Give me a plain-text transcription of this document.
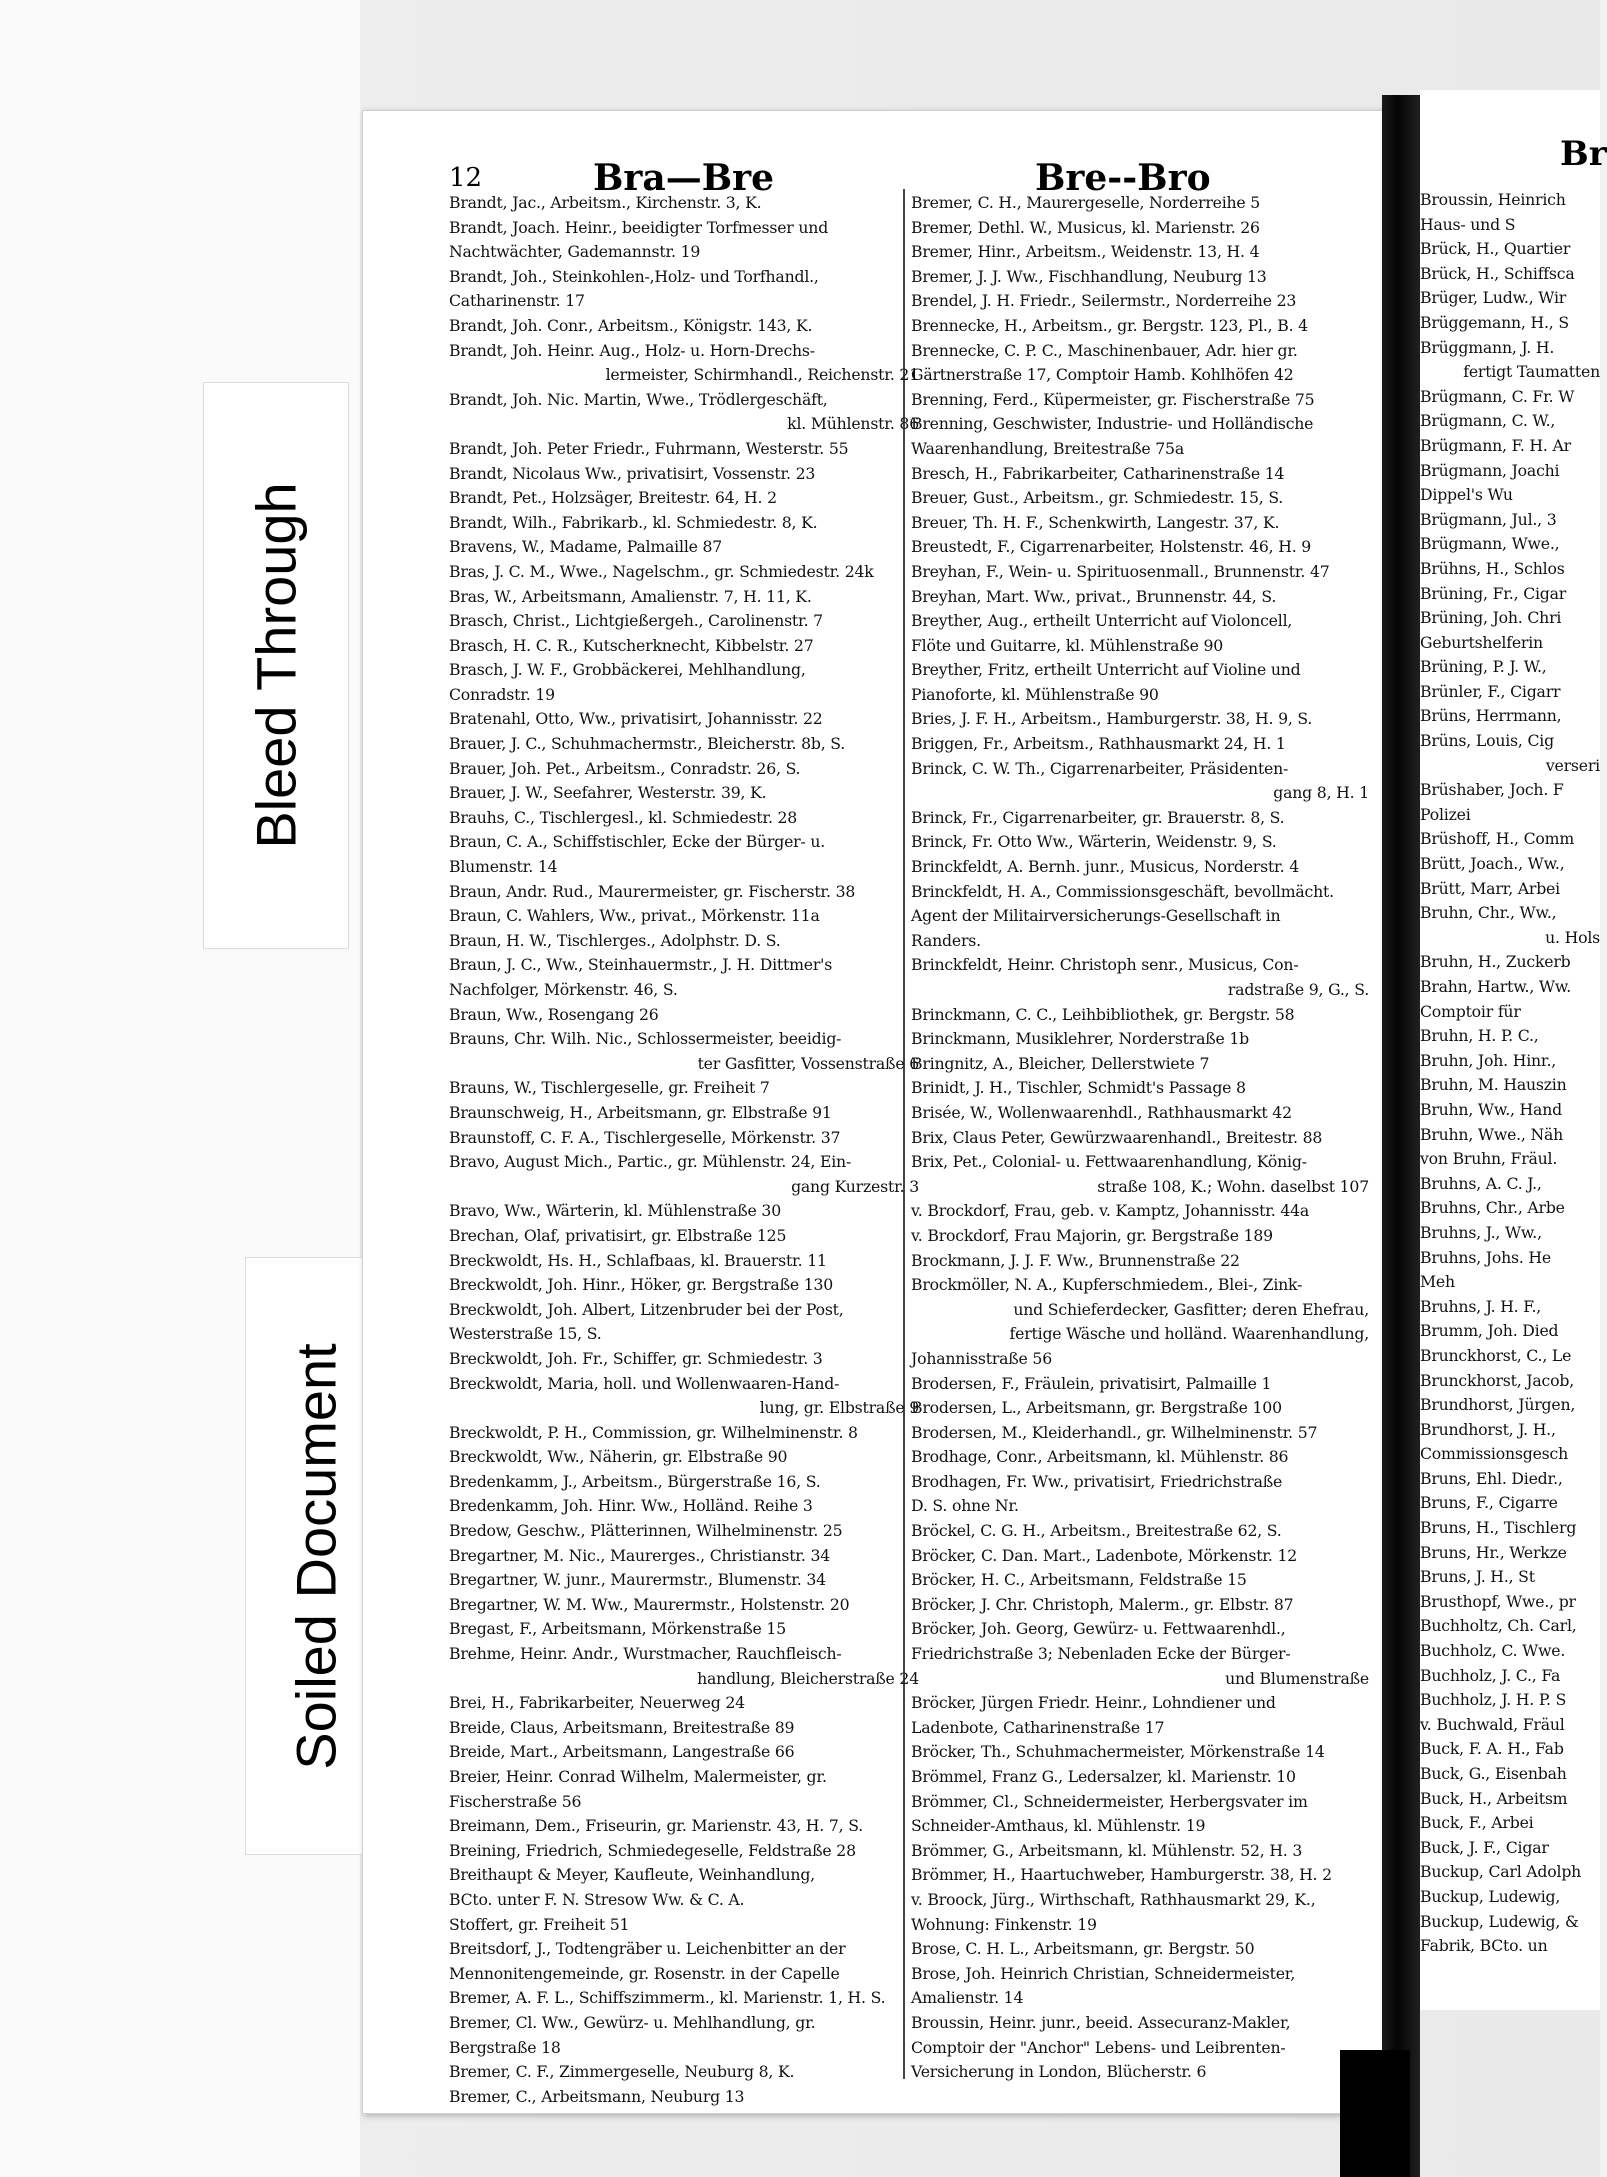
Bleed Through
Soiled Document
12	Bra—Bre	Bre--Bro
Brandt, Jac., Arbeitsm., Kirchenstr. 3, K.
Brandt, Joach. Heinr., beeidigter Torfmesser und
Nachtwächter, Gademannstr. 19
Brandt, Joh., Steinkohlen-,Holz- und Torfhandl.,
Catharinenstr. 17
Brandt, Joh. Conr., Arbeitsm., Königstr. 143, K.
Brandt, Joh. Heinr. Aug., Holz- u. Horn-Drechs-
lermeister, Schirmhandl., Reichenstr. 21
Brandt, Joh. Nic. Martin, Wwe., Trödlergeschäft,
kl. Mühlenstr. 86
Brandt, Joh. Peter Friedr., Fuhrmann, Westerstr. 55
Brandt, Nicolaus Ww., privatisirt, Vossenstr. 23
Brandt, Pet., Holzsäger, Breitestr. 64, H. 2
Brandt, Wilh., Fabrikarb., kl. Schmiedestr. 8, K.
Bravens, W., Madame, Palmaille 87
Bras, J. C. M., Wwe., Nagelschm., gr. Schmiedestr. 24k
Bras, W., Arbeitsmann, Amalienstr. 7, H. 11, K.
Brasch, Christ., Lichtgießergeh., Carolinenstr. 7
Brasch, H. C. R., Kutscherknecht, Kibbelstr. 27
Brasch, J. W. F., Grobbäckerei, Mehlhandlung,
Conradstr. 19
Bratenahl, Otto, Ww., privatisirt, Johannisstr. 22
Brauer, J. C., Schuhmachermstr., Bleicherstr. 8b, S.
Brauer, Joh. Pet., Arbeitsm., Conradstr. 26, S.
Brauer, J. W., Seefahrer, Westerstr. 39, K.
Brauhs, C., Tischlergesl., kl. Schmiedestr. 28
Braun, C. A., Schiffstischler, Ecke der Bürger- u.
Blumenstr. 14
Braun, Andr. Rud., Maurermeister, gr. Fischerstr. 38
Braun, C. Wahlers, Ww., privat., Mörkenstr. 11a
Braun, H. W., Tischlerges., Adolphstr. D. S.
Braun, J. C., Ww., Steinhauermstr., J. H. Dittmer's
Nachfolger, Mörkenstr. 46, S.
Braun, Ww., Rosengang 26
Brauns, Chr. Wilh. Nic., Schlossermeister, beeidig-
ter Gasfitter, Vossenstraße 6
Brauns, W., Tischlergeselle, gr. Freiheit 7
Braunschweig, H., Arbeitsmann, gr. Elbstraße 91
Braunstoff, C. F. A., Tischlergeselle, Mörkenstr. 37
Bravo, August Mich., Partic., gr. Mühlenstr. 24, Ein-
gang Kurzestr. 3
Bravo, Ww., Wärterin, kl. Mühlenstraße 30
Brechan, Olaf, privatisirt, gr. Elbstraße 125
Breckwoldt, Hs. H., Schlafbaas, kl. Brauerstr. 11
Breckwoldt, Joh. Hinr., Höker, gr. Bergstraße 130
Breckwoldt, Joh. Albert, Litzenbruder bei der Post,
Westerstraße 15, S.
Breckwoldt, Joh. Fr., Schiffer, gr. Schmiedestr. 3
Breckwoldt, Maria, holl. und Wollenwaaren-Hand-
lung, gr. Elbstraße 9
Breckwoldt, P. H., Commission, gr. Wilhelminenstr. 8
Breckwoldt, Ww., Näherin, gr. Elbstraße 90
Bredenkamm, J., Arbeitsm., Bürgerstraße 16, S.
Bredenkamm, Joh. Hinr. Ww., Holländ. Reihe 3
Bredow, Geschw., Plätterinnen, Wilhelminenstr. 25
Bregartner, M. Nic., Maurerges., Christianstr. 34
Bregartner, W. junr., Maurermstr., Blumenstr. 34
Bregartner, W. M. Ww., Maurermstr., Holstenstr. 20
Bregast, F., Arbeitsmann, Mörkenstraße 15
Brehme, Heinr. Andr., Wurstmacher, Rauchfleisch-
handlung, Bleicherstraße 24
Brei, H., Fabrikarbeiter, Neuerweg 24
Breide, Claus, Arbeitsmann, Breitestraße 89
Breide, Mart., Arbeitsmann, Langestraße 66
Breier, Heinr. Conrad Wilhelm, Malermeister, gr.
Fischerstraße 56
Breimann, Dem., Friseurin, gr. Marienstr. 43, H. 7, S.
Breining, Friedrich, Schmiedegeselle, Feldstraße 28
Breithaupt & Meyer, Kaufleute, Weinhandlung,
BCto. unter F. N. Stresow Ww. & C. A.
Stoffert, gr. Freiheit 51
Breitsdorf, J., Todtengräber u. Leichenbitter an der
Mennonitengemeinde, gr. Rosenstr. in der Capelle
Bremer, A. F. L., Schiffszimmerm., kl. Marienstr. 1, H. S.
Bremer, Cl. Ww., Gewürz- u. Mehlhandlung, gr.
Bergstraße 18
Bremer, C. F., Zimmergeselle, Neuburg 8, K.
Bremer, C., Arbeitsmann, Neuburg 13
Bremer, C. H., Maurergeselle, Norderreihe 5
Bremer, Dethl. W., Musicus, kl. Marienstr. 26
Bremer, Hinr., Arbeitsm., Weidenstr. 13, H. 4
Bremer, J. J. Ww., Fischhandlung, Neuburg 13
Brendel, J. H. Friedr., Seilermstr., Norderreihe 23
Brennecke, H., Arbeitsm., gr. Bergstr. 123, Pl., B. 4
Brennecke, C. P. C., Maschinenbauer, Adr. hier gr.
Gärtnerstraße 17, Comptoir Hamb. Kohlhöfen 42
Brenning, Ferd., Küpermeister, gr. Fischerstraße 75
Brenning, Geschwister, Industrie- und Holländische
Waarenhandlung, Breitestraße 75a
Bresch, H., Fabrikarbeiter, Catharinenstraße 14
Breuer, Gust., Arbeitsm., gr. Schmiedestr. 15, S.
Breuer, Th. H. F., Schenkwirth, Langestr. 37, K.
Breustedt, F., Cigarrenarbeiter, Holstenstr. 46, H. 9
Breyhan, F., Wein- u. Spirituosenmall., Brunnenstr. 47
Breyhan, Mart. Ww., privat., Brunnenstr. 44, S.
Breyther, Aug., ertheilt Unterricht auf Violoncell,
Flöte und Guitarre, kl. Mühlenstraße 90
Breyther, Fritz, ertheilt Unterricht auf Violine und
Pianoforte, kl. Mühlenstraße 90
Bries, J. F. H., Arbeitsm., Hamburgerstr. 38, H. 9, S.
Briggen, Fr., Arbeitsm., Rathhausmarkt 24, H. 1
Brinck, C. W. Th., Cigarrenarbeiter, Präsidenten-
gang 8, H. 1
Brinck, Fr., Cigarrenarbeiter, gr. Brauerstr. 8, S.
Brinck, Fr. Otto Ww., Wärterin, Weidenstr. 9, S.
Brinckfeldt, A. Bernh. junr., Musicus, Norderstr. 4
Brinckfeldt, H. A., Commissionsgeschäft, bevollmächt.
Agent der Militairversicherungs-Gesellschaft in
Randers.
Brinckfeldt, Heinr. Christoph senr., Musicus, Con-
radstraße 9, G., S.
Brinckmann, C. C., Leihbibliothek, gr. Bergstr. 58
Brinckmann, Musiklehrer, Norderstraße 1b
Bringnitz, A., Bleicher, Dellerstwiete 7
Brinidt, J. H., Tischler, Schmidt's Passage 8
Brisée, W., Wollenwaarenhdl., Rathhausmarkt 42
Brix, Claus Peter, Gewürzwaarenhandl., Breitestr. 88
Brix, Pet., Colonial- u. Fettwaarenhandlung, König-
straße 108, K.; Wohn. daselbst 107
v. Brockdorf, Frau, geb. v. Kamptz, Johannisstr. 44a
v. Brockdorf, Frau Majorin, gr. Bergstraße 189
Brockmann, J. J. F. Ww., Brunnenstraße 22
Brockmöller, N. A., Kupferschmiedem., Blei-, Zink-
und Schieferdecker, Gasfitter; deren Ehefrau,
fertige Wäsche und holländ. Waarenhandlung,
Johannisstraße 56
Brodersen, F., Fräulein, privatisirt, Palmaille 1
Brodersen, L., Arbeitsmann, gr. Bergstraße 100
Brodersen, M., Kleiderhandl., gr. Wilhelminenstr. 57
Brodhage, Conr., Arbeitsmann, kl. Mühlenstr. 86
Brodhagen, Fr. Ww., privatisirt, Friedrichstraße
D. S. ohne Nr.
Bröckel, C. G. H., Arbeitsm., Breitestraße 62, S.
Bröcker, C. Dan. Mart., Ladenbote, Mörkenstr. 12
Bröcker, H. C., Arbeitsmann, Feldstraße 15
Bröcker, J. Chr. Christoph, Malerm., gr. Elbstr. 87
Bröcker, Joh. Georg, Gewürz- u. Fettwaarenhdl.,
Friedrichstraße 3; Nebenladen Ecke der Bürger-
und Blumenstraße
Bröcker, Jürgen Friedr. Heinr., Lohndiener und
Ladenbote, Catharinenstraße 17
Bröcker, Th., Schuhmachermeister, Mörkenstraße 14
Brömmel, Franz G., Ledersalzer, kl. Marienstr. 10
Brömmer, Cl., Schneidermeister, Herbergsvater im
Schneider-Amthaus, kl. Mühlenstr. 19
Brömmer, G., Arbeitsmann, kl. Mühlenstr. 52, H. 3
Brömmer, H., Haartuchweber, Hamburgerstr. 38, H. 2
v. Broock, Jürg., Wirthschaft, Rathhausmarkt 29, K.,
Wohnung: Finkenstr. 19
Brose, C. H. L., Arbeitsmann, gr. Bergstr. 50
Brose, Joh. Heinrich Christian, Schneidermeister,
Amalienstr. 14
Broussin, Heinr. junr., beeid. Assecuranz-Makler,
Comptoir der "Anchor" Lebens- und Leibrenten-
Versicherung in London, Blücherstr. 6
Br
Broussin, Heinrich
Haus- und S
Brück, H., Quartier
Brück, H., Schiffsca
Brüger, Ludw., Wir
Brüggemann, H., S
Brüggmann, J. H.
fertigt Taumatten
Brügmann, C. Fr. W
Brügmann, C. W.,
Brügmann, F. H. Ar
Brügmann, Joachi
Dippel's Wu
Brügmann, Jul., 3
Brügmann, Wwe.,
Brühns, H., Schlos
Brüning, Fr., Cigar
Brüning, Joh. Chri
Geburtshelferin
Brüning, P. J. W.,
Brünler, F., Cigarr
Brüns, Herrmann,
Brüns, Louis, Cig
verseri
Brüshaber, Joch. F
Polizei
Brüshoff, H., Comm
Brütt, Joach., Ww.,
Brütt, Marr, Arbei
Bruhn, Chr., Ww.,
u. Hols
Bruhn, H., Zuckerb
Brahn, Hartw., Ww.
Comptoir für
Bruhn, H. P. C.,
Bruhn, Joh. Hinr.,
Bruhn, M. Hauszin
Bruhn, Ww., Hand
Bruhn, Wwe., Näh
von Bruhn, Fräul.
Bruhns, A. C. J.,
Bruhns, Chr., Arbe
Bruhns, J., Ww.,
Bruhns, Johs. He
Meh
Bruhns, J. H. F.,
Brumm, Joh. Died
Brunckhorst, C., Le
Brunckhorst, Jacob,
Brundhorst, Jürgen,
Brundhorst, J. H.,
Commissionsgesch
Bruns, Ehl. Diedr.,
Bruns, F., Cigarre
Bruns, H., Tischlerg
Bruns, Hr., Werkze
Bruns, J. H., St
Brusthopf, Wwe., pr
Buchholtz, Ch. Carl,
Buchholz, C. Wwe.
Buchholz, J. C., Fa
Buchholz, J. H. P. S
v. Buchwald, Fräul
Buck, F. A. H., Fab
Buck, G., Eisenbah
Buck, H., Arbeitsm
Buck, F., Arbei
Buck, J. F., Cigar
Buckup, Carl Adolph
Buckup, Ludewig,
Buckup, Ludewig, &
Fabrik, BCto. un
